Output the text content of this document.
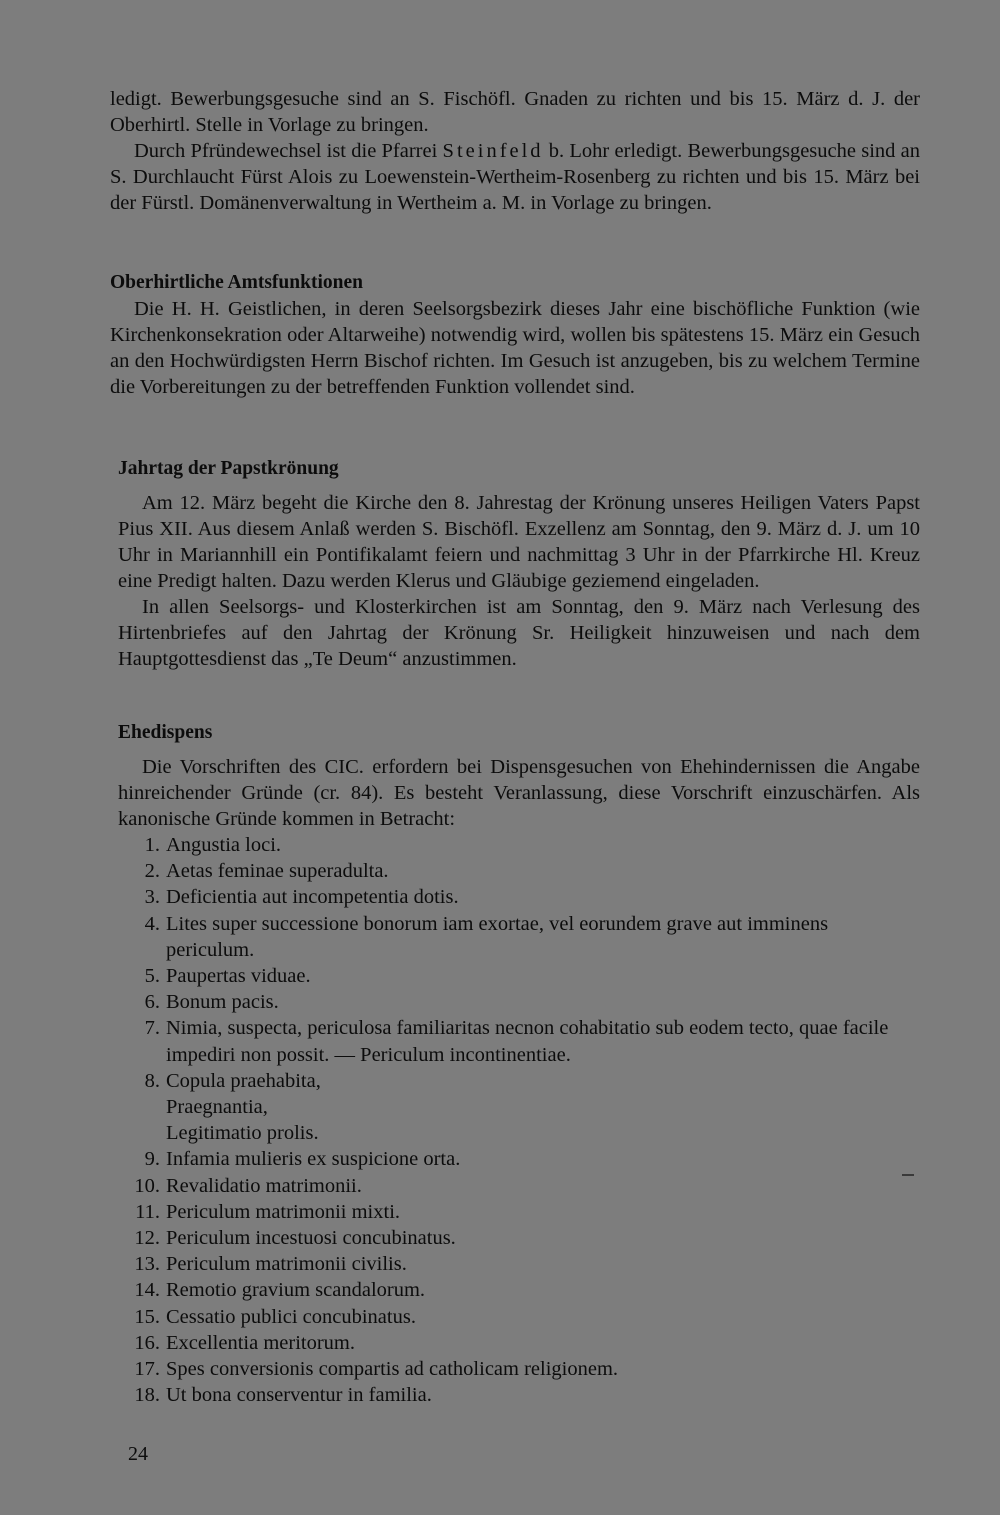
ledigt. Bewerbungsgesuche sind an S. Fischöfl. Gnaden zu richten und bis 15. März d. J. der Oberhirtl. Stelle in Vorlage zu bringen.

Durch Pfründewechsel ist die Pfarrei Steinfeld b. Lohr erledigt. Bewerbungsgesuche sind an S. Durchlaucht Fürst Alois zu Loewenstein-Wertheim-Rosenberg zu richten und bis 15. März bei der Fürstl. Domänenverwaltung in Wertheim a. M. in Vorlage zu bringen.

Oberhirtliche Amtsfunktionen

Die H. H. Geistlichen, in deren Seelsorgsbezirk dieses Jahr eine bischöfliche Funktion (wie Kirchenkonsekration oder Altarweihe) notwendig wird, wollen bis spätestens 15. März ein Gesuch an den Hochwürdigsten Herrn Bischof richten. Im Gesuch ist anzugeben, bis zu welchem Termine die Vorbereitungen zu der betreffenden Funktion vollendet sind.

Jahrtag der Papstkrönung

Am 12. März begeht die Kirche den 8. Jahrestag der Krönung unseres Heiligen Vaters Papst Pius XII. Aus diesem Anlaß werden S. Bischöfl. Exzellenz am Sonntag, den 9. März d. J. um 10 Uhr in Mariannhill ein Pontifikalamt feiern und nachmittag 3 Uhr in der Pfarrkirche Hl. Kreuz eine Predigt halten. Dazu werden Klerus und Gläubige geziemend eingeladen.

In allen Seelsorgs- und Klosterkirchen ist am Sonntag, den 9. März nach Verlesung des Hirtenbriefes auf den Jahrtag der Krönung Sr. Heiligkeit hinzuweisen und nach dem Hauptgottesdienst das „Te Deum“ anzustimmen.

Ehedispens

Die Vorschriften des CIC. erfordern bei Dispensgesuchen von Ehehindernissen die Angabe hinreichender Gründe (cr. 84). Es besteht Veranlassung, diese Vorschrift einzuschärfen. Als kanonische Gründe kommen in Betracht:

1. Angustia loci.
2. Aetas feminae superadulta.
3. Deficientia aut incompetentia dotis.
4. Lites super successione bonorum iam exortae, vel eorundem grave aut imminens periculum.
5. Paupertas viduae.
6. Bonum pacis.
7. Nimia, suspecta, periculosa familiaritas necnon cohabitatio sub eodem tecto, quae facile impediri non possit. — Periculum incontinentiae.
8. Copula praehabita,
Praegnantia,
Legitimatio prolis.
9. Infamia mulieris ex suspicione orta.
10. Revalidatio matrimonii.
11. Periculum matrimonii mixti.
12. Periculum incestuosi concubinatus.
13. Periculum matrimonii civilis.
14. Remotio gravium scandalorum.
15. Cessatio publici concubinatus.
16. Excellentia meritorum.
17. Spes conversionis compartis ad catholicam religionem.
18. Ut bona conserventur in familia.
24
